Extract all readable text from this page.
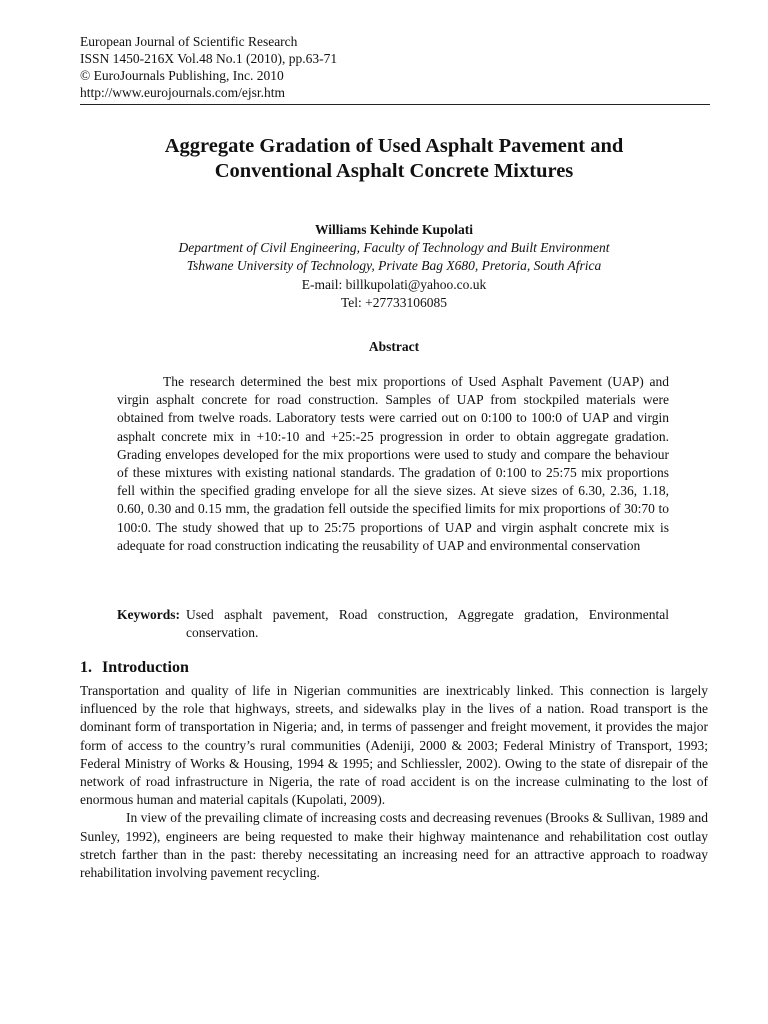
European Journal of Scientific Research
ISSN 1450-216X Vol.48 No.1 (2010), pp.63-71
© EuroJournals Publishing, Inc. 2010
http://www.eurojournals.com/ejsr.htm
Aggregate Gradation of Used Asphalt Pavement and
Conventional Asphalt Concrete Mixtures
Williams Kehinde Kupolati
Department of Civil Engineering, Faculty of Technology and Built Environment
Tshwane University of Technology, Private Bag X680, Pretoria, South Africa
E-mail: billkupolati@yahoo.co.uk
Tel: +27733106085
Abstract

The research determined the best mix proportions of Used Asphalt Pavement (UAP) and virgin asphalt concrete for road construction. Samples of UAP from stockpiled materials were obtained from twelve roads. Laboratory tests were carried out on 0:100 to 100:0 of UAP and virgin asphalt concrete mix in +10:-10 and +25:-25 progression in order to obtain aggregate gradation. Grading envelopes developed for the mix proportions were used to study and compare the behaviour of these mixtures with existing national standards. The gradation of 0:100 to 25:75 mix proportions fell within the specified grading envelope for all the sieve sizes. At sieve sizes of 6.30, 2.36, 1.18, 0.60, 0.30 and 0.15 mm, the gradation fell outside the specified limits for mix proportions of 30:70 to 100:0. The study showed that up to 25:75 proportions of UAP and virgin asphalt concrete mix is adequate for road construction indicating the reusability of UAP and environmental conservation

Keywords: Used asphalt pavement, Road construction, Aggregate gradation, Environmental conservation.
1. Introduction

Transportation and quality of life in Nigerian communities are inextricably linked. This connection is largely influenced by the role that highways, streets, and sidewalks play in the lives of a nation. Road transport is the dominant form of transportation in Nigeria; and, in terms of passenger and freight movement, it provides the major form of access to the country’s rural communities (Adeniji, 2000 & 2003; Federal Ministry of Transport, 1993; Federal Ministry of Works & Housing, 1994 & 1995; and Schliessler, 2002). Owing to the state of disrepair of the network of road infrastructure in Nigeria, the rate of road accident is on the increase culminating to the lost of enormous human and material capitals (Kupolati, 2009).

In view of the prevailing climate of increasing costs and decreasing revenues (Brooks & Sullivan, 1989 and Sunley, 1992), engineers are being requested to make their highway maintenance and rehabilitation cost outlay stretch farther than in the past: thereby necessitating an increasing need for an attractive approach to roadway rehabilitation involving pavement recycling.
